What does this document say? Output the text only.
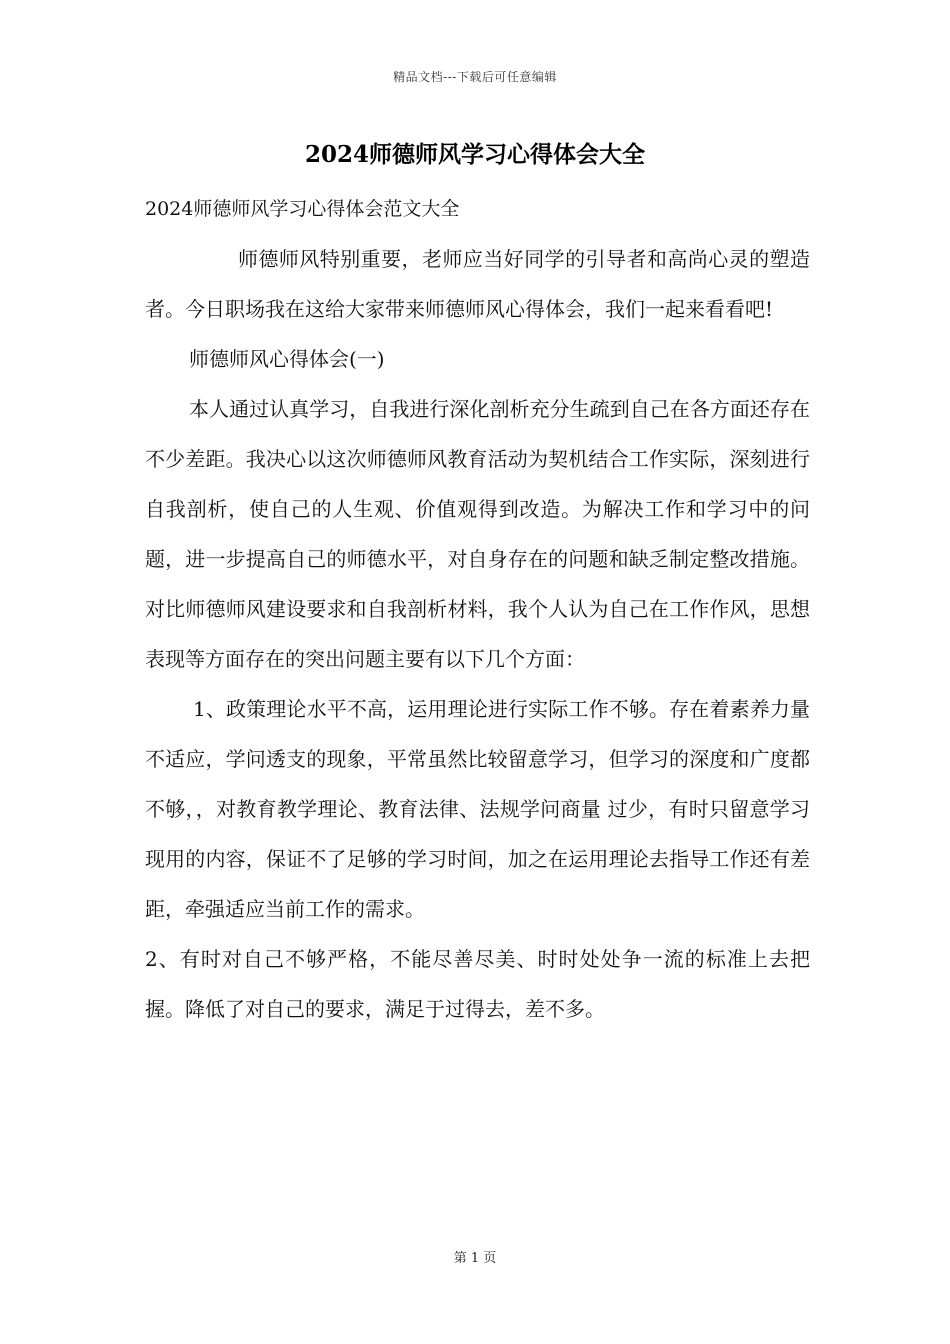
精品文档---下载后可任意编辑
2024师德师风学习心得体会大全

2024师德师风学习心得体会范文大全

师德师风特别重要，老师应当好同学的引导者和高尚心灵的塑造者。今日职场我在这给大家带来师德师风心得体会，我们一起来看看吧!

师德师风心得体会(一)

本人通过认真学习，自我进行深化剖析充分生疏到自己在各方面还存在不少差距。我决心以这次师德师风教育活动为契机结合工作实际，深刻进行自我剖析，使自己的人生观、价值观得到改造。为解决工作和学习中的问题，进一步提高自己的师德水平，对自身存在的问题和缺乏制定整改措施。 对比师德师风建设要求和自我剖析材料，我个人认为自己在工作作风，思想表现等方面存在的突出问题主要有以下几个方面：

1、政策理论水平不高，运用理论进行实际工作不够。存在着素养力量不适应，学问透支的现象，平常虽然比较留意学习，但学习的深度和广度都不够，，对教育教学理论、教育法律、法规学问商量 过少，有时只留意学习现用的内容，保证不了足够的学习时间，加之在运用理论去指导工作还有差距，牵强适应当前工作的需求。

2、有时对自己不够严格，不能尽善尽美、时时处处争一流的标准上去把握。降低了对自己的要求，满足于过得去，差不多。

第 1 页
